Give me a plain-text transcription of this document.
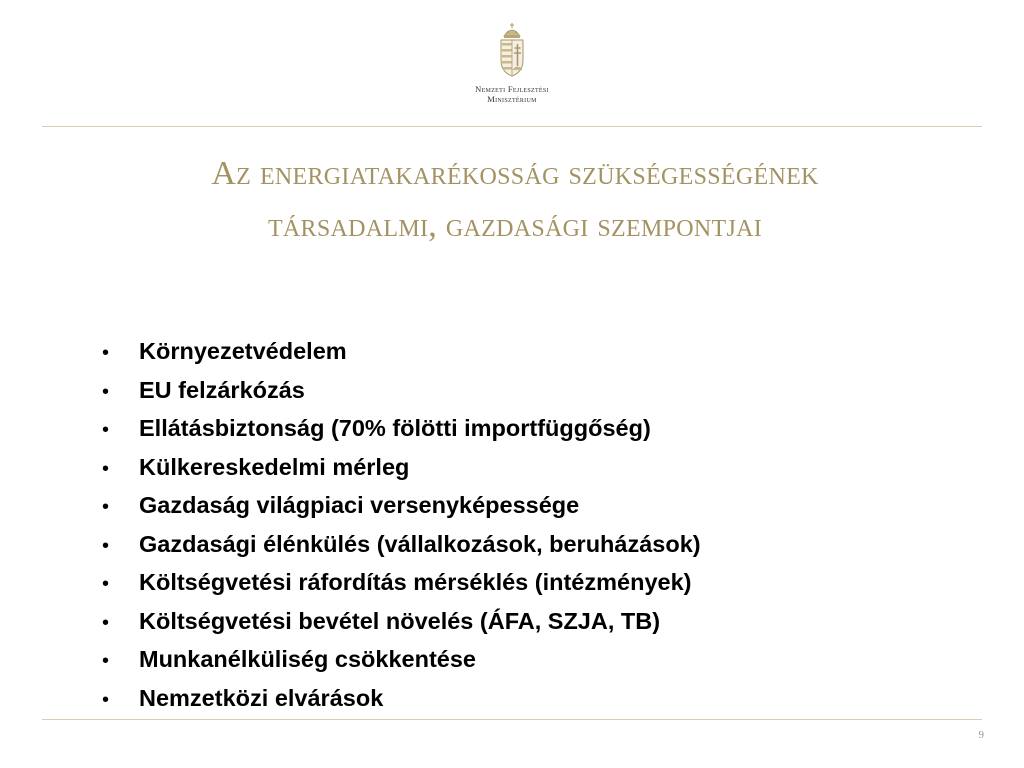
Nemzeti Fejlesztési
Minisztérium
Az energiatakarékosság szükségességének
társadalmi, gazdasági szempontjai
•	Környezetvédelem
•	EU felzárkózás
•	Ellátásbiztonság (70% fölötti importfüggőség)
•	Külkereskedelmi mérleg
•	Gazdaság világpiaci versenyképessége
•	Gazdasági élénkülés (vállalkozások, beruházások)
•	Költségvetési ráfordítás mérséklés (intézmények)
•	Költségvetési bevétel növelés (ÁFA, SZJA, TB)
•	Munkanélküliség csökkentése
•	Nemzetközi elvárások
9
